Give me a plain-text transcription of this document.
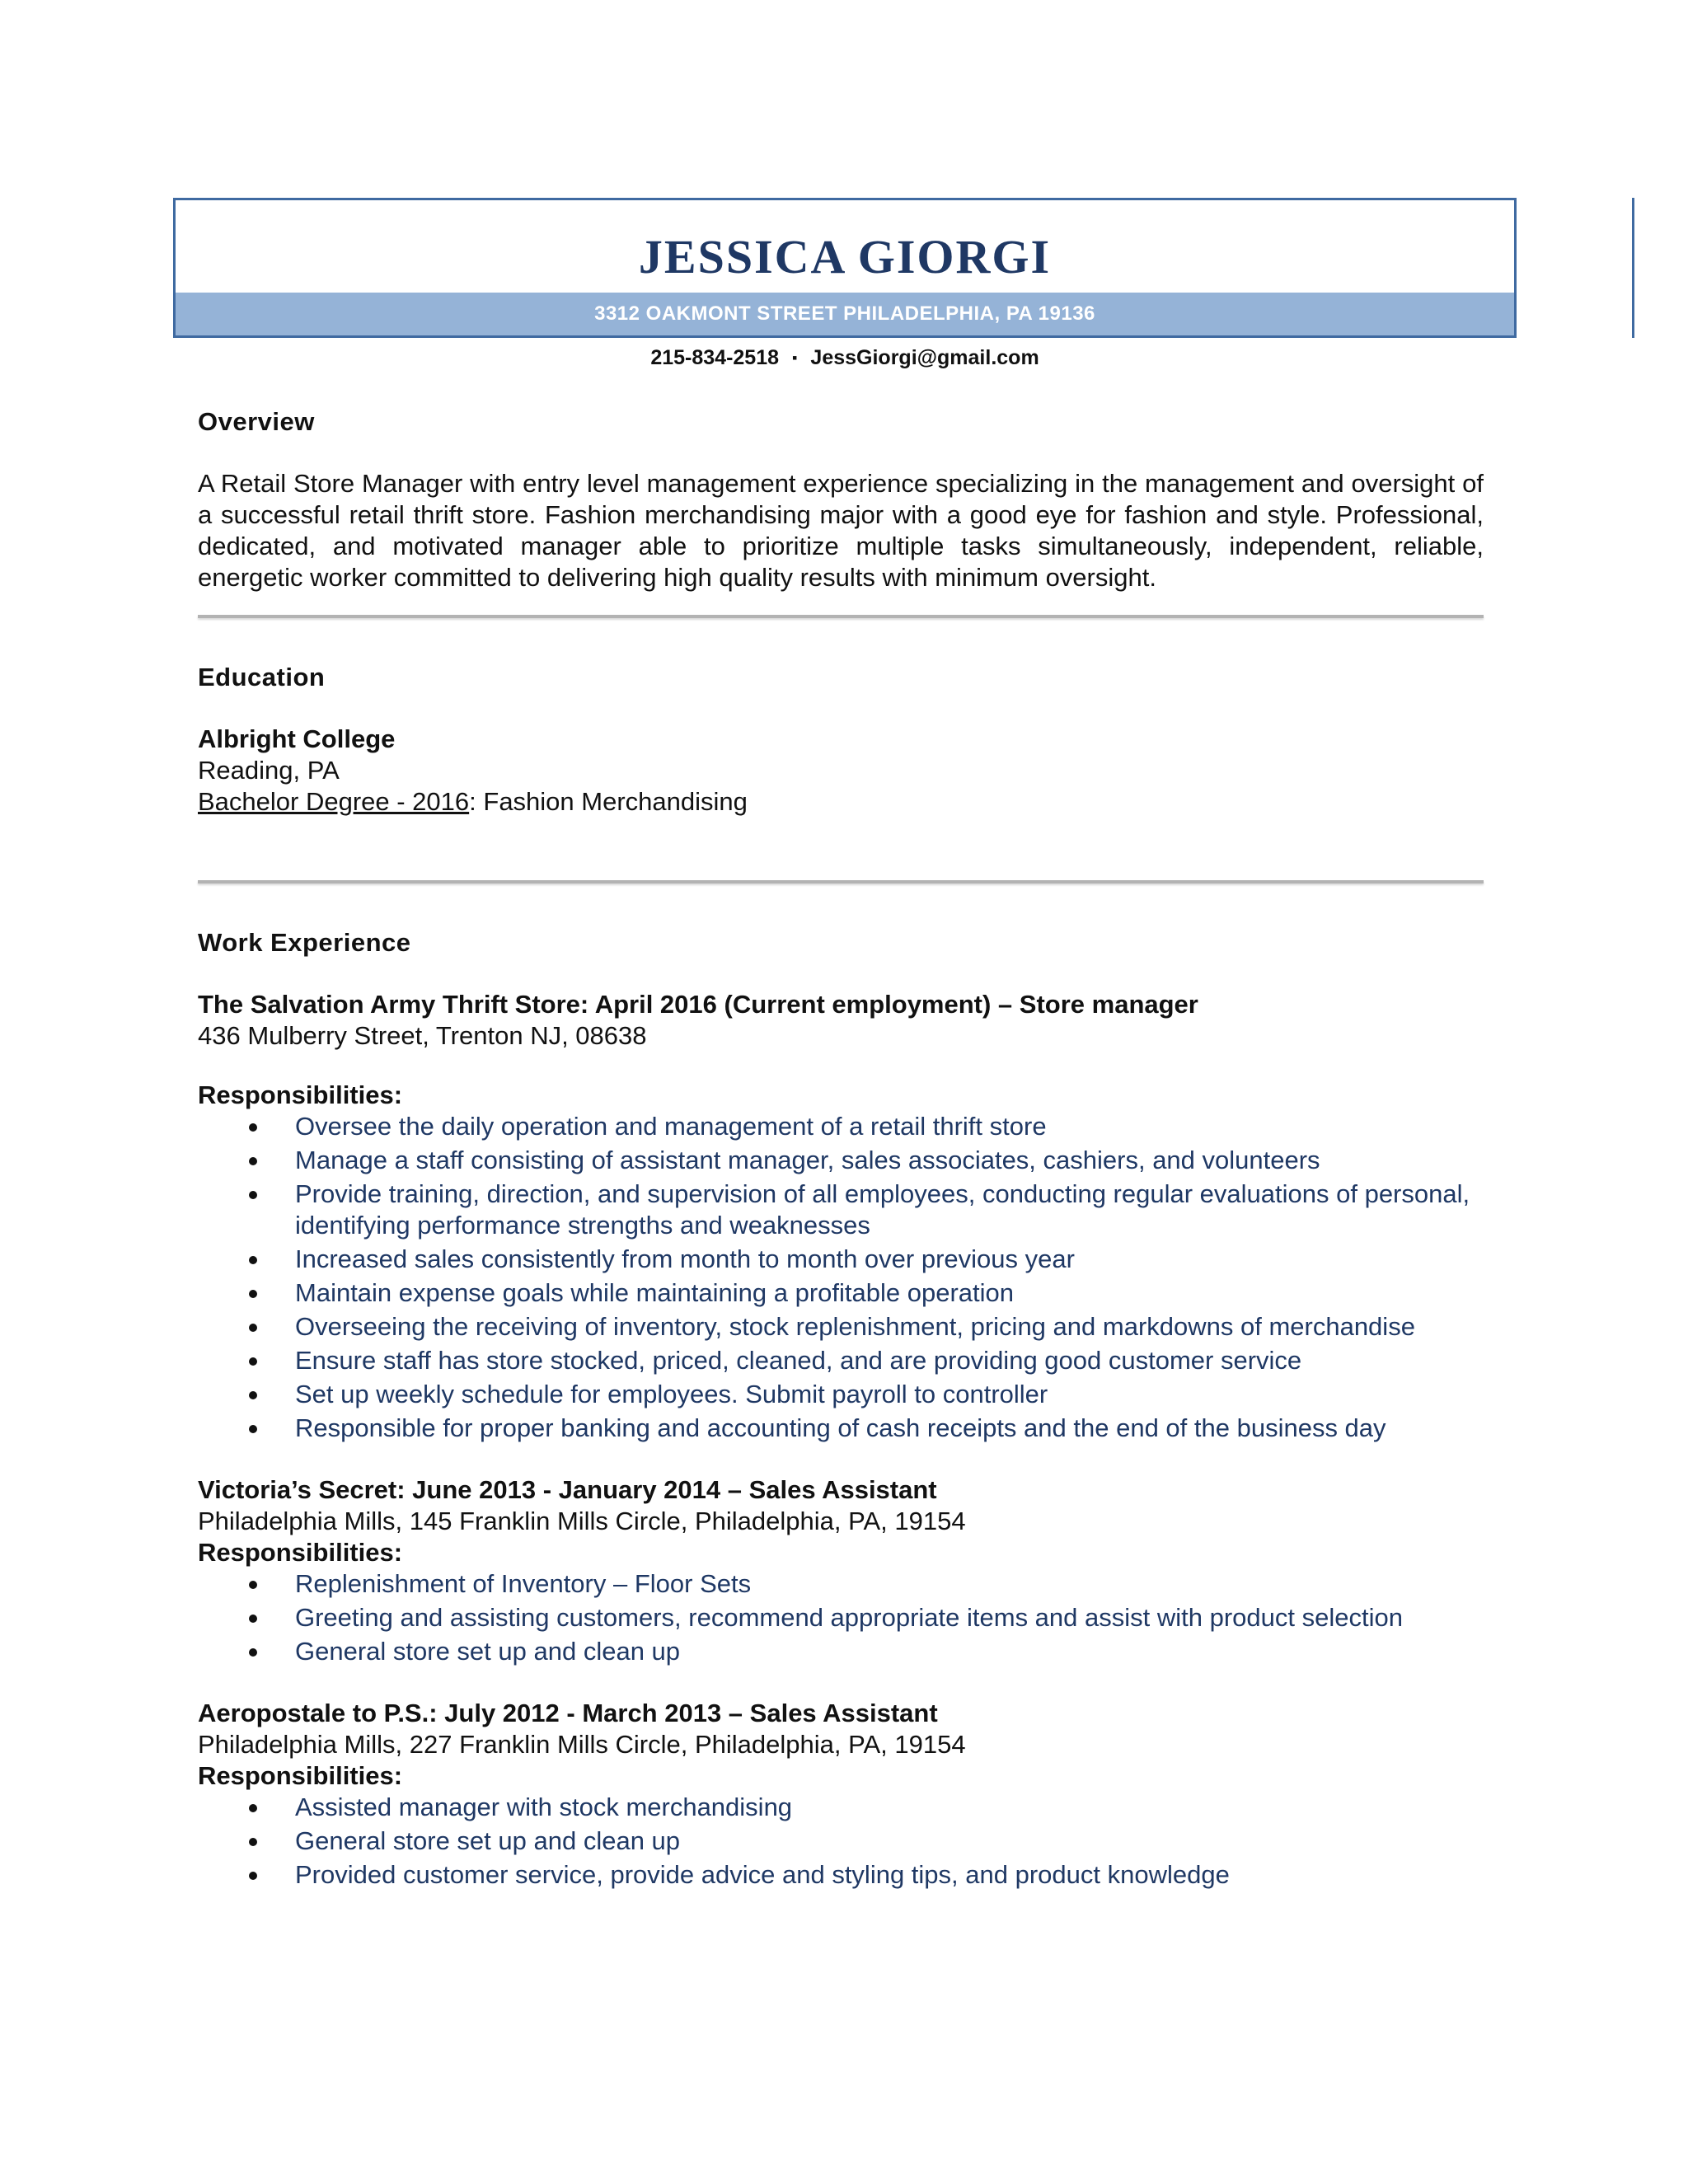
JESSICA GIORGI
3312 OAKMONT STREET PHILADELPHIA, PA 19136
215-834-2518 ▪ JessGiorgi@gmail.com
Overview

A Retail Store Manager with entry level management experience specializing in the management and oversight of a successful retail thrift store. Fashion merchandising major with a good eye for fashion and style. Professional, dedicated, and motivated manager able to prioritize multiple tasks simultaneously, independent, reliable, energetic worker committed to delivering high quality results with minimum oversight.

Education

Albright College

Reading, PA

Bachelor Degree - 2016: Fashion Merchandising

Work Experience

The Salvation Army Thrift Store: April 2016 (Current employment) – Store manager

436 Mulberry Street, Trenton NJ, 08638

Responsibilities:

Oversee the daily operation and management of a retail thrift store
Manage a staff consisting of assistant manager, sales associates, cashiers, and volunteers
Provide training, direction, and supervision of all employees, conducting regular evaluations of personal, identifying performance strengths and weaknesses
Increased sales consistently from month to month over previous year
Maintain expense goals while maintaining a profitable operation
Overseeing the receiving of inventory, stock replenishment, pricing and markdowns of merchandise
Ensure staff has store stocked, priced, cleaned, and are providing good customer service
Set up weekly schedule for employees. Submit payroll to controller
Responsible for proper banking and accounting of cash receipts and the end of the business day

Victoria’s Secret: June 2013 - January 2014 – Sales Assistant

Philadelphia Mills, 145 Franklin Mills Circle, Philadelphia, PA, 19154

Responsibilities:

Replenishment of Inventory – Floor Sets
Greeting and assisting customers, recommend appropriate items and assist with product selection
General store set up and clean up

Aeropostale to P.S.: July 2012 - March 2013 – Sales Assistant

Philadelphia Mills, 227 Franklin Mills Circle, Philadelphia, PA, 19154

Responsibilities:

Assisted manager with stock merchandising
General store set up and clean up
Provided customer service, provide advice and styling tips, and product knowledge
